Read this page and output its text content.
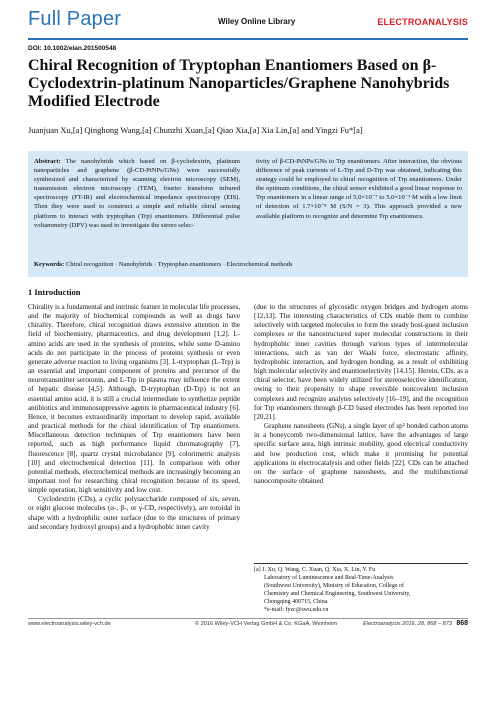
Full Paper	Wiley Online Library	ELECTROANALYSIS
DOI: 10.1002/elan.201500548
Chiral Recognition of Tryptophan Enantiomers Based on β-Cyclodextrin-platinum Nanoparticles/Graphene Nanohybrids Modified Electrode
Juanjuan Xu,[a] Qinghong Wang,[a] Chunzhi Xuan,[a] Qiao Xia,[a] Xia Lin,[a] and Yingzi Fu*[a]
Abstract: The nanohybrids which based on β-cyclodextrin, platinum nanoparticles and graphene (β-CD-PtNPs/GNs) were successfully synthesized and characterized by scanning electron microscopy (SEM), transmission electron microscopy (TEM), fourier transform infrared spectroscopy (FT-IR) and electrochemical impedance spectroscopy (EIS). Then they were used to construct a simple and reliable chiral sensing platform to interact with tryptophan (Trp) enantiomers. Differential pulse voltammetry (DPV) was used to investigate the stereo selec-
tivity of β-CD-PtNPs/GNs to Trp enantiomers. After interaction, the obvious difference of peak currents of L-Trp and D-Trp was obtained, indicating this strategy could be employed to chiral recognition of Trp enantiomers. Under the optimum conditions, the chiral sensor exhibited a good linear response to Trp enantiomers in a linear range of 5.0×10⁻⁷ to 5.0×10⁻³ M with a low limit of detection of 1.7×10⁻⁸ M (S/N = 3). This approach provided a new available platform to recognize and determine Trp enantiomers.
Keywords: Chiral recognition · Nanohybrids · Tryptophan enantiomers · Electrochemical methods
1 Introduction

Chirality is a fundamental and intrinsic feature in molecular life processes, and the majority of biochemical compounds as well as drugs have chirality. Therefore, chiral recognition draws extensive attention in the field of biochemistry, pharmaceutics, and drug development [1,2]. L-amino acids are used in the synthesis of proteins, while some D-amino acids do not participate in the process of proteins synthesis or even generate adverse reaction to living organisms [3]. L-tryptophan (L-Trp) is an essential and important component of proteins and precursor of the neurotransmitter serotonin, and L-Trp in plasma may influence the extent of hepatic disease [4,5]. Although, D-tryptophan (D-Trp) is not an essential amino acid, it is still a crucial intermediate to synthetize peptide antibiotics and immunosuppressive agents in pharmaceutical industry [6]. Hence, it becomes extraordinarily important to develop rapid, available and practical methods for the chiral identification of Trp enantiomers. Miscellaneous detection techniques of Trp enantiomers have been reported, such as high performance liquid chromatography [7], fluorescence [8], quartz crystal microbalance [9], colorimetric analysis [10] and electrochemical detection [11]. In comparison with other potential methods, electrochemical methods are increasingly becoming an important tool for researching chiral recognition because of its speed, simple operation, high sensitivity and low cost.

Cyclodextrin (CDs), a cyclic polysaccharide composed of six, seven, or eight glucose molecules (α-, β-, or γ-CD, respectively), are toroidal in shape with a hydrophilic outer surface (due to the structures of primary and secondary hydroxyl groups) and a hydrophobic inner cavity

(due to the structures of glycosidic oxygen bridges and hydrogen atoms [12,13]. The interesting characteristics of CDs enable them to combine selectively with targeted molecules to form the steady host-guest inclusion complexes or the nanostructured super molecular constructions in their hydrophobic inner cavities through various types of intermolecular interactions, such as van der Waals force, electrostatic affinity, hydrophobic interaction, and hydrogen bonding, as a result of exhibiting high molecular selectivity and enantioselectivity [14,15]. Herein, CDs, as a chiral selector, have been widely utilized for stereoselective identification, owing to their propensity to shape reversible noncovalent inclusion complexes and recognize analytes selectively [16–19], and the recognition for Trp enantiomers through β-CD based electrodes has been reported too [20,21].

Graphene nanosheets (GNs), a single layer of sp² bonded carbon atoms in a honeycomb two-dimensional lattice, have the advantages of large specific surface area, high intrinsic mobility, good electrical conductivity and low production cost, which make it promising for potential applications in electrocatalysis and other fields [22]. CDs can be attached on the surface of graphene nanosheets, and the multifunctional nanocomposite obtained

[a] J. Xu, Q. Wang, C. Xuan, Q. Xia, X. Lin, Y. Fu
Laboratory of Luminescence and Real-Time-Analysis
(Southwest University), Ministry of Education, College of
Chemistry and Chemical Engineering, Southwest University,
Chongqing 400715, China
*e-mail: fyzc@swu.edu.cn
www.electroanalysis.wiley-vch.de	© 2016 Wiley-VCH Verlag GmbH & Co. KGaA, Weinheim	Electroanalysis 2016, 28, 868 – 873 868
